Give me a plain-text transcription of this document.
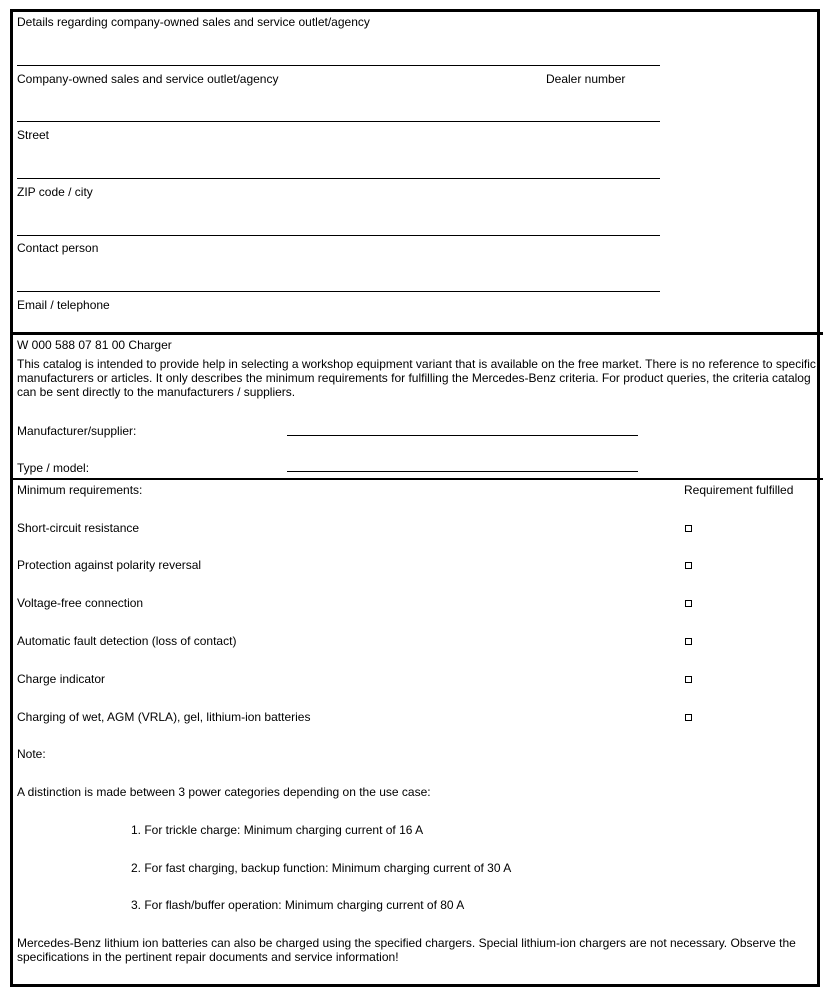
Details regarding company-owned sales and service outlet/agency
Company-owned sales and service outlet/agency	Dealer number
Street
ZIP code / city
Contact person
Email / telephone
W 000 588 07 81 00 Charger
This catalog is intended to provide help in selecting a workshop equipment variant that is available on the free market. There is no reference to specific manufacturers or articles. It only describes the minimum requirements for fulfilling the Mercedes-Benz criteria. For product queries, the criteria catalog can be sent directly to the manufacturers / suppliers.
Manufacturer/supplier:
Type / model:
Minimum requirements:	Requirement fulfilled
Short-circuit resistance
Protection against polarity reversal
Voltage-free connection
Automatic fault detection (loss of contact)
Charge indicator
Charging of wet, AGM (VRLA), gel, lithium-ion batteries
Note:
A distinction is made between 3 power categories depending on the use case:
1. For trickle charge: Minimum charging current of 16 A
2. For fast charging, backup function: Minimum charging current of 30 A
3. For flash/buffer operation: Minimum charging current of 80 A
Mercedes-Benz lithium ion batteries can also be charged using the specified chargers. Special lithium-ion chargers are not necessary. Observe the specifications in the pertinent repair documents and service information!
